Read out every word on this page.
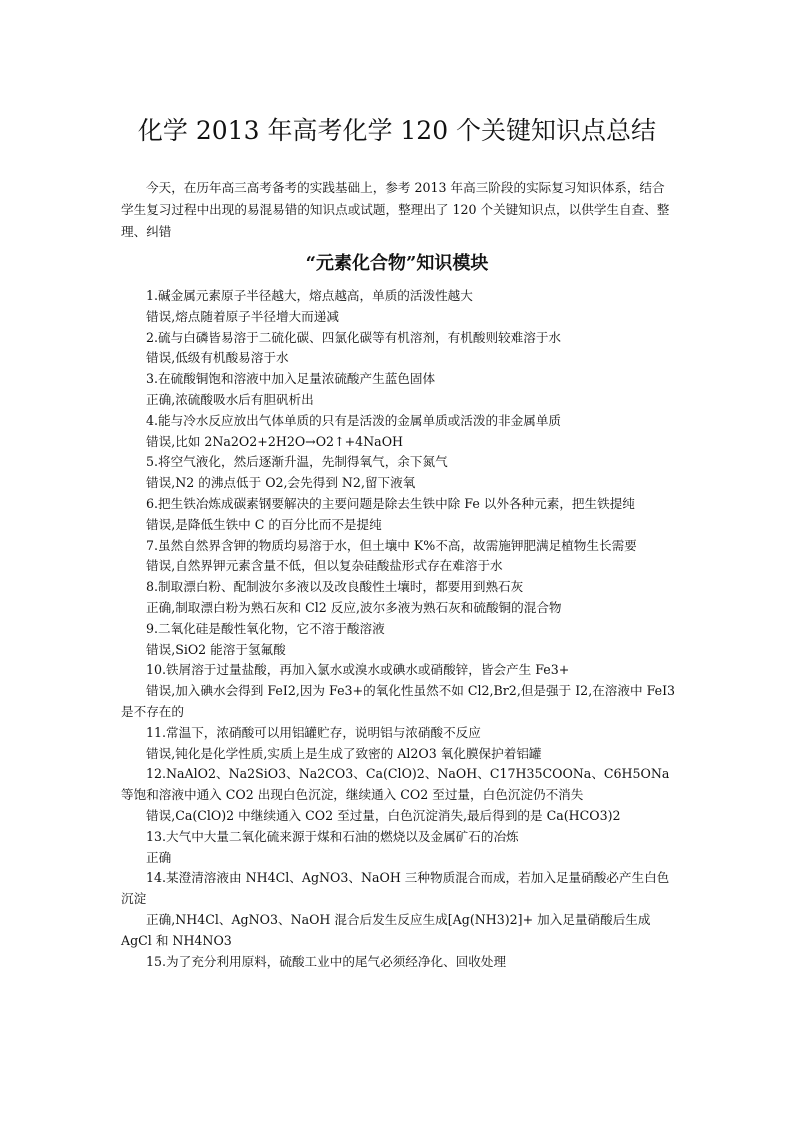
化学 2013 年高考化学 120 个关键知识点总结
今天，在历年高三高考备考的实践基础上，参考 2013 年高三阶段的实际复习知识体系，结合学生复习过程中出现的易混易错的知识点或试题，整理出了 120 个关键知识点，以供学生自查、整理、纠错
“元素化合物”知识模块

1.碱金属元素原子半径越大，熔点越高，单质的活泼性越大

错误,熔点随着原子半径增大而递减

2.硫与白磷皆易溶于二硫化碳、四氯化碳等有机溶剂，有机酸则较难溶于水

错误,低级有机酸易溶于水

3.在硫酸铜饱和溶液中加入足量浓硫酸产生蓝色固体

正确,浓硫酸吸水后有胆矾析出

4.能与冷水反应放出气体单质的只有是活泼的金属单质或活泼的非金属单质

错误,比如 2Na2O2+2H2O→O2↑+4NaOH

5.将空气液化，然后逐渐升温，先制得氧气，余下氮气

错误,N2 的沸点低于 O2,会先得到 N2,留下液氧

6.把生铁冶炼成碳素钢要解决的主要问题是除去生铁中除 Fe 以外各种元素，把生铁提纯

错误,是降低生铁中 C 的百分比而不是提纯

7.虽然自然界含钾的物质均易溶于水，但土壤中 K%不高，故需施钾肥满足植物生长需要

错误,自然界钾元素含量不低，但以复杂硅酸盐形式存在难溶于水

8.制取漂白粉、配制波尔多液以及改良酸性土壤时，都要用到熟石灰

正确,制取漂白粉为熟石灰和 Cl2 反应,波尔多液为熟石灰和硫酸铜的混合物

9.二氧化硅是酸性氧化物，它不溶于酸溶液

错误,SiO2 能溶于氢氟酸

10.铁屑溶于过量盐酸，再加入氯水或溴水或碘水或硝酸锌，皆会产生 Fe3+

错误,加入碘水会得到 FeI2,因为 Fe3+的氧化性虽然不如 Cl2,Br2,但是强于 I2,在溶液中 FeI3 是不存在的

11.常温下，浓硝酸可以用铝罐贮存，说明铝与浓硝酸不反应

错误,钝化是化学性质,实质上是生成了致密的 Al2O3 氧化膜保护着铝罐

12.NaAlO2、Na2SiO3、Na2CO3、Ca(ClO)2、NaOH、C17H35COONa、C6H5ONa 等饱和溶液中通入 CO2 出现白色沉淀，继续通入 CO2 至过量，白色沉淀仍不消失

错误,Ca(ClO)2 中继续通入 CO2 至过量，白色沉淀消失,最后得到的是 Ca(HCO3)2

13.大气中大量二氧化硫来源于煤和石油的燃烧以及金属矿石的冶炼

正确

14.某澄清溶液由 NH4Cl、AgNO3、NaOH 三种物质混合而成，若加入足量硝酸必产生白色沉淀

正确,NH4Cl、AgNO3、NaOH 混合后发生反应生成[Ag(NH3)2]+ 加入足量硝酸后生成 AgCl 和 NH4NO3

15.为了充分利用原料，硫酸工业中的尾气必须经净化、回收处理
